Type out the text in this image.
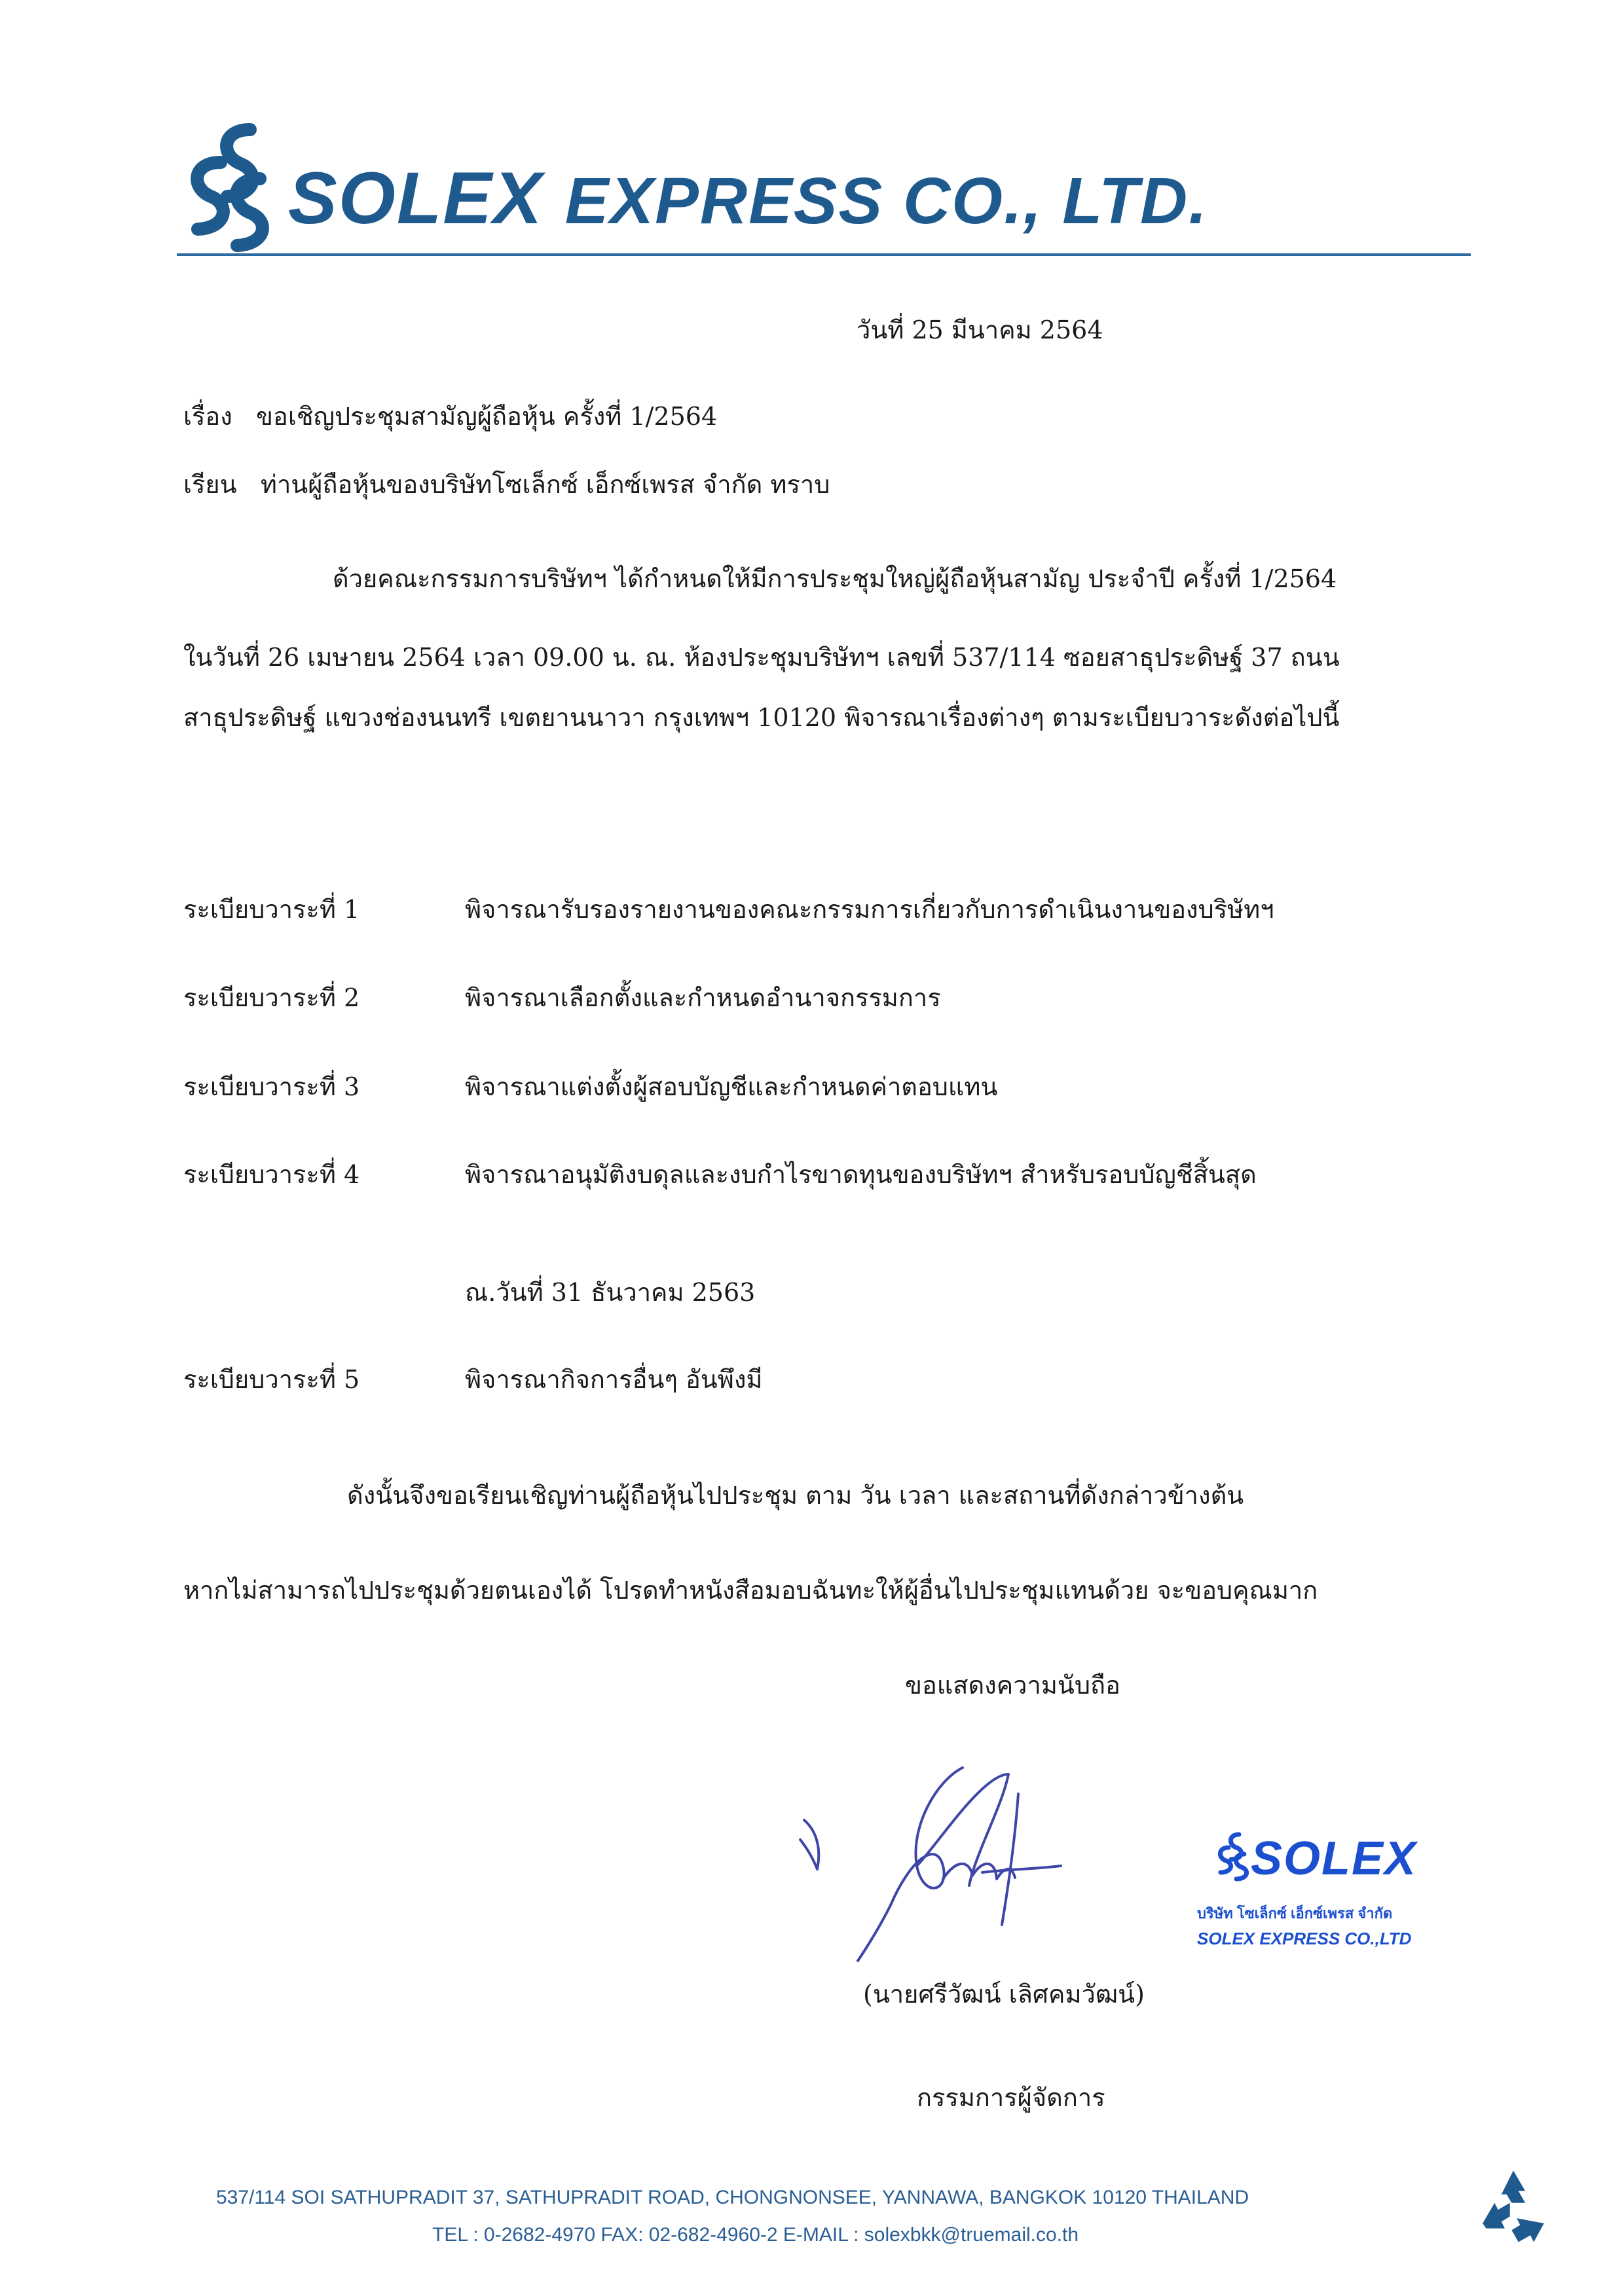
SOLEX EXPRESS CO., LTD.
วันที่ 25 มีนาคม 2564
เรื่อง ขอเชิญประชุมสามัญผู้ถือหุ้น ครั้งที่ 1/2564
เรียน ท่านผู้ถือหุ้นของบริษัทโซเล็กซ์ เอ็กซ์เพรส จำกัด ทราบ
ด้วยคณะกรรมการบริษัทฯ ได้กำหนดให้มีการประชุมใหญ่ผู้ถือหุ้นสามัญ ประจำปี ครั้งที่ 1/2564
ในวันที่ 26 เมษายน 2564 เวลา 09.00 น. ณ. ห้องประชุมบริษัทฯ เลขที่ 537/114 ซอยสาธุประดิษฐ์ 37 ถนน
สาธุประดิษฐ์ แขวงช่องนนทรี เขตยานนาวา กรุงเทพฯ 10120 พิจารณาเรื่องต่างๆ ตามระเบียบวาระดังต่อไปนี้
ระเบียบวาระที่ 1	พิจารณารับรองรายงานของคณะกรรมการเกี่ยวกับการดำเนินงานของบริษัทฯ
ระเบียบวาระที่ 2	พิจารณาเลือกตั้งและกำหนดอำนาจกรรมการ
ระเบียบวาระที่ 3	พิจารณาแต่งตั้งผู้สอบบัญชีและกำหนดค่าตอบแทน
ระเบียบวาระที่ 4	พิจารณาอนุมัติงบดุลและงบกำไรขาดทุนของบริษัทฯ สำหรับรอบบัญชีสิ้นสุด
ณ.วันที่ 31 ธันวาคม 2563
ระเบียบวาระที่ 5	พิจารณากิจการอื่นๆ อันพึงมี
ดังนั้นจึงขอเรียนเชิญท่านผู้ถือหุ้นไปประชุม ตาม วัน เวลา และสถานที่ดังกล่าวข้างต้น
หากไม่สามารถไปประชุมด้วยตนเองได้ โปรดทำหนังสือมอบฉันทะให้ผู้อื่นไปประชุมแทนด้วย จะขอบคุณมาก
ขอแสดงความนับถือ
SOLEX
บริษัท โซเล็กซ์ เอ็กซ์เพรส จำกัด
SOLEX EXPRESS CO.,LTD
(นายศรีวัฒน์ เลิศคมวัฒน์)
กรรมการผู้จัดการ
537/114 SOI SATHUPRADIT 37, SATHUPRADIT ROAD, CHONGNONSEE, YANNAWA, BANGKOK 10120 THAILAND
TEL : 0-2682-4970 FAX: 02-682-4960-2 E-MAIL : solexbkk@truemail.co.th
